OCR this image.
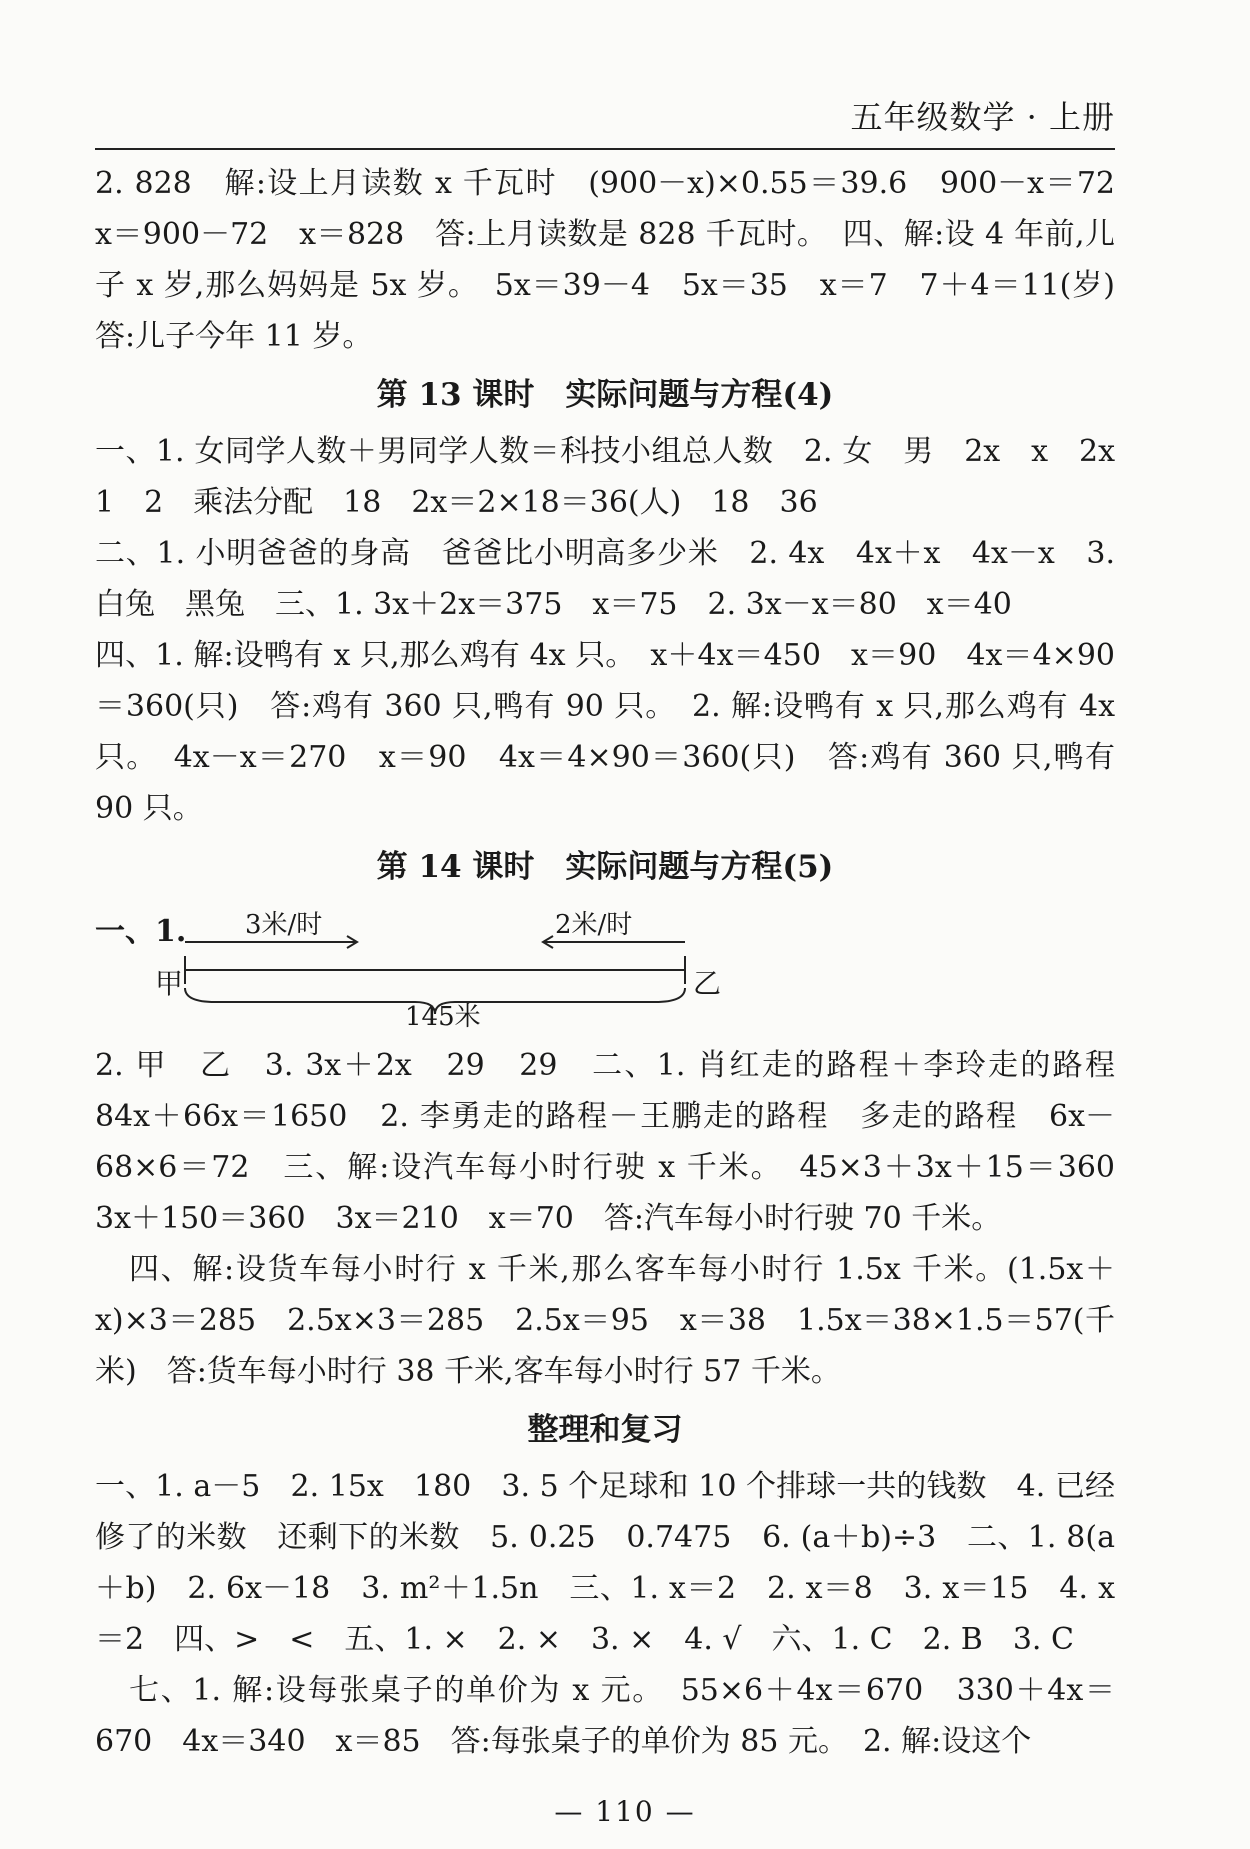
五年级数学 · 上册

2. 828　解:设上月读数 x 千瓦时　(900－x)×0.55＝39.6　900－x＝72　x＝900－72　x＝828　答:上月读数是 828 千瓦时。　四、解:设 4 年前,儿子 x 岁,那么妈妈是 5x 岁。　5x＝39－4　5x＝35　x＝7　7＋4＝11(岁)　答:儿子今年 11 岁。

第 13 课时　实际问题与方程(4)

一、1. 女同学人数＋男同学人数＝科技小组总人数　2. 女　男　2x　x　2x　1　2　乘法分配　18　2x＝2×18＝36(人)　18　36

二、1. 小明爸爸的身高　爸爸比小明高多少米　2. 4x　4x＋x　4x－x　3. 白兔　黑兔　三、1. 3x＋2x＝375　x＝75　2. 3x－x＝80　x＝40

四、1. 解:设鸭有 x 只,那么鸡有 4x 只。　x＋4x＝450　x＝90　4x＝4×90＝360(只)　答:鸡有 360 只,鸭有 90 只。　2. 解:设鸭有 x 只,那么鸡有 4x 只。　4x－x＝270　x＝90　4x＝4×90＝360(只)　答:鸡有 360 只,鸭有 90 只。

第 14 课时　实际问题与方程(5)
一、1.
甲	乙
3米/时	2米/时
145米

2. 甲　乙　3. 3x＋2x　29　29　二、1. 肖红走的路程＋李玲走的路程　84x＋66x＝1650　2. 李勇走的路程－王鹏走的路程　多走的路程　6x－68×6＝72　三、解:设汽车每小时行驶 x 千米。　45×3＋3x＋15＝360　3x＋150＝360　3x＝210　x＝70　答:汽车每小时行驶 70 千米。

四、解:设货车每小时行 x 千米,那么客车每小时行 1.5x 千米。(1.5x＋x)×3＝285　2.5x×3＝285　2.5x＝95　x＝38　1.5x＝38×1.5＝57(千米)　答:货车每小时行 38 千米,客车每小时行 57 千米。

整理和复习

一、1. a－5　2. 15x　180　3. 5 个足球和 10 个排球一共的钱数　4. 已经修了的米数　还剩下的米数　5. 0.25　0.7475　6. (a＋b)÷3　二、1. 8(a＋b)　2. 6x－18　3. m²＋1.5n　三、1. x＝2　2. x＝8　3. x＝15　4. x＝2　四、>　<　五、1. ×　2. ×　3. ×　4. √　六、1. C　2. B　3. C

七、1. 解:设每张桌子的单价为 x 元。　55×6＋4x＝670　330＋4x＝670　4x＝340　x＝85　答:每张桌子的单价为 85 元。　2. 解:设这个

— 110 —
